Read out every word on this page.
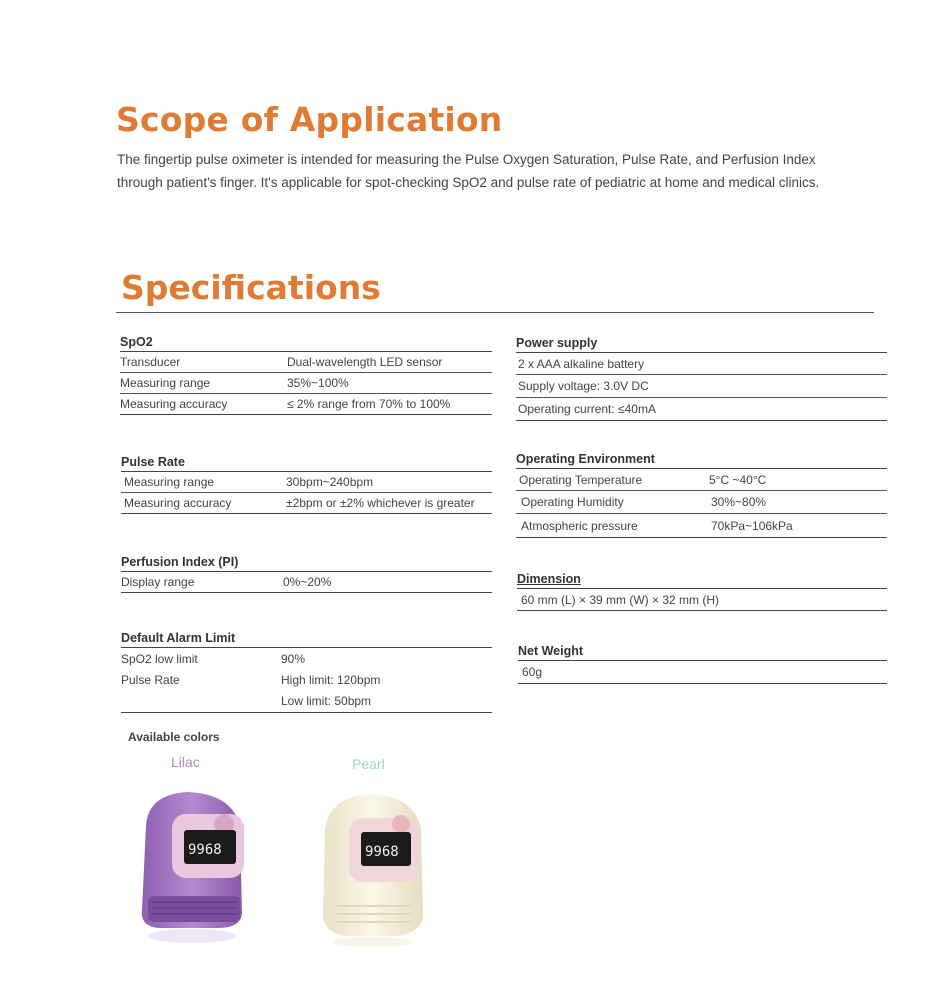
Scope of Application
The fingertip pulse oximeter is intended for measuring the Pulse Oxygen Saturation, Pulse Rate, and Perfusion Index
through patient's finger. It's applicable for spot-checking SpO2 and pulse rate of pediatric at home and medical clinics.
Specifications
SpO2
Transducer	Dual-wavelength LED sensor
Measuring range	35%~100%
Measuring accuracy	≤ 2% range from 70% to 100%
Pulse Rate
Measuring range	30bpm~240bpm
Measuring accuracy	±2bpm or ±2% whichever is greater
Perfusion Index (PI)
Display range	0%~20%
Default Alarm Limit
SpO2 low limit	90%
Pulse Rate	High limit: 120bpm
Low limit: 50bpm
Power supply
2 x AAA alkaline battery
Supply voltage: 3.0V DC
Operating current: ≤40mA
Operating Environment
Operating Temperature	5°C ~40°C
Operating Humidity	30%~80%
Atmospheric pressure	70kPa~106kPa
Dimension
60 mm (L) × 39 mm (W) × 32 mm (H)
Net Weight
60g
Available colors
Lilac	Pearl
9968	9968
